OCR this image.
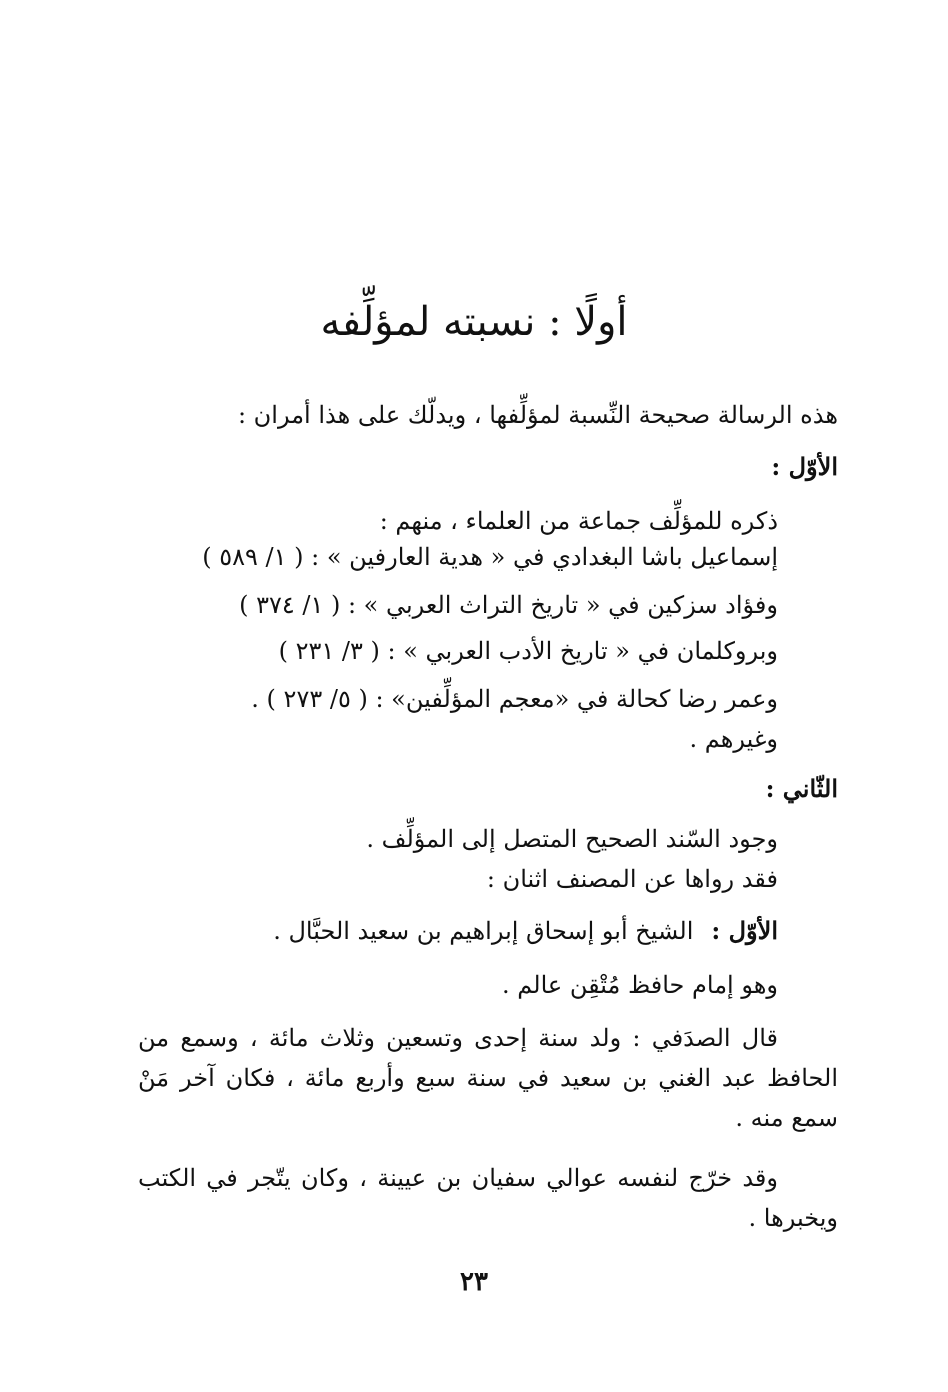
أولًا : نسبته لمؤلِّفه
هذه الرسالة صحيحة النِّسبة لمؤلِّفها ، ويدلّك على هذا أمران :
الأوّل :
ذكره للمؤلِّف جماعة من العلماء ، منهم :
إسماعيل باشا البغدادي في « هدية العارفين » : ( ١/ ٥٨٩ )
وفؤاد سزكين في « تاريخ التراث العربي » : ( ١/ ٣٧٤ )
وبروكلمان في « تاريخ الأدب العربي » : ( ٣/ ٢٣١ )
وعمر رضا كحالة في «معجم المؤلِّفين» : ( ٥/ ٢٧٣ ) .
وغيرهم .
الثّاني :
وجود السّند الصحيح المتصل إلى المؤلِّف .
فقد رواها عن المصنف اثنان :
الأوّل :الشيخ أبو إسحاق إبراهيم بن سعيد الحبَّال .
وهو إمام حافظ مُتْقِن عالم .
قال الصدَفي : ولد سنة إحدى وتسعين وثلاث مائة ، وسمع من الحافظ عبد الغني بن سعيد في سنة سبع وأربع مائة ، فكان آخر مَنْ سمع منه .
وقد خرّج لنفسه عوالي سفيان بن عيينة ، وكان يتّجر في الكتب ويخبرها .
٢٣
